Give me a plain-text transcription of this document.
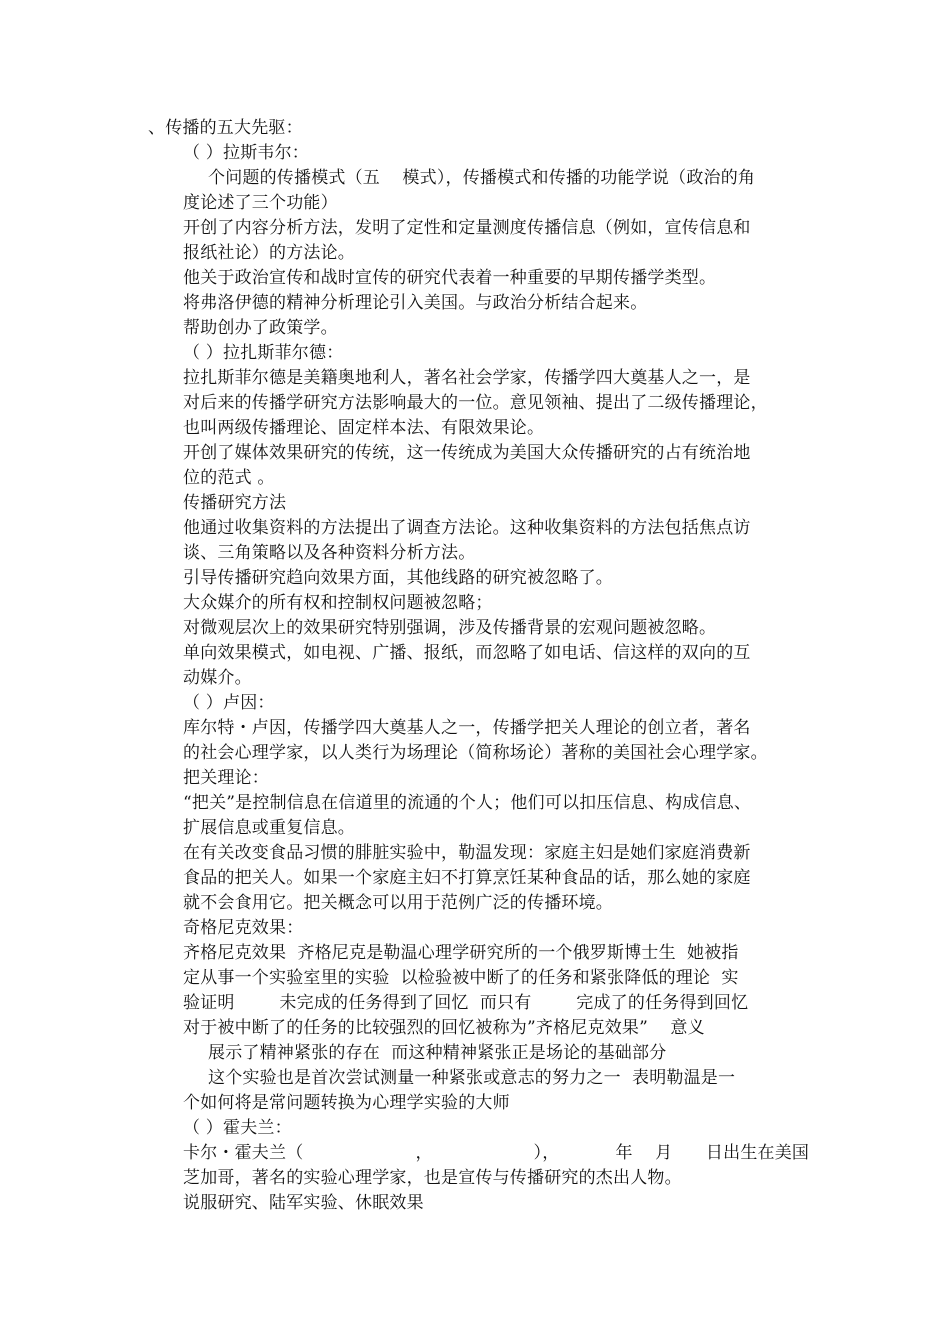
、传播的五大先驱：
（ ）拉斯韦尔：
个问题的传播模式（五    模式），传播模式和传播的功能学说（政治的角
度论述了三个功能）
开创了内容分析方法，发明了定性和定量测度传播信息（例如，宣传信息和
报纸社论）的方法论。
他关于政治宣传和战时宣传的研究代表着一种重要的早期传播学类型。
将弗洛伊德的精神分析理论引入美国。与政治分析结合起来。
帮助创办了政策学。
（ ）拉扎斯菲尔德：
拉扎斯菲尔德是美籍奥地利人，著名社会学家，传播学四大奠基人之一，是
对后来的传播学研究方法影响最大的一位。意见领袖、提出了二级传播理论，
也叫两级传播理论、固定样本法、有限效果论。
开创了媒体效果研究的传统，这一传统成为美国大众传播研究的占有统治地
位的范式 。
传播研究方法
他通过收集资料的方法提出了调查方法论。这种收集资料的方法包括焦点访
谈、三角策略以及各种资料分析方法。
引导传播研究趋向效果方面，其他线路的研究被忽略了。
大众媒介的所有权和控制权问题被忽略；
对微观层次上的效果研究特别强调，涉及传播背景的宏观问题被忽略。
单向效果模式，如电视、广播、报纸，而忽略了如电话、信这样的双向的互
动媒介。
（ ）卢因：
库尔特・卢因，传播学四大奠基人之一，传播学把关人理论的创立者，著名
的社会心理学家，以人类行为场理论（简称场论）著称的美国社会心理学家。
把关理论：
“把关”是控制信息在信道里的流通的个人；他们可以扣压信息、构成信息、
扩展信息或重复信息。
在有关改变食品习惯的腓脏实验中，勒温发现：家庭主妇是她们家庭消费新
食品的把关人。如果一个家庭主妇不打算烹饪某种食品的话，那么她的家庭
就不会食用它。把关概念可以用于范例广泛的传播环境。
奇格尼克效果：
齐格尼克效果  齐格尼克是勒温心理学研究所的一个俄罗斯博士生  她被指
定从事一个实验室里的实验  以检验被中断了的任务和紧张降低的理论  实
验证明        未完成的任务得到了回忆  而只有        完成了的任务得到回忆
对于被中断了的任务的比较强烈的回忆被称为”齐格尼克效果”    意义
展示了精神紧张的存在  而这种精神紧张正是场论的基础部分
这个实验也是首次尝试测量一种紧张或意志的努力之一  表明勒温是一
个如何将是常问题转换为心理学实验的大师
（ ）霍夫兰：
卡尔・霍夫兰（                    ，                  ），          年    月      日出生在美国
芝加哥，著名的实验心理学家，也是宣传与传播研究的杰出人物。
说服研究、陆军实验、休眠效果
